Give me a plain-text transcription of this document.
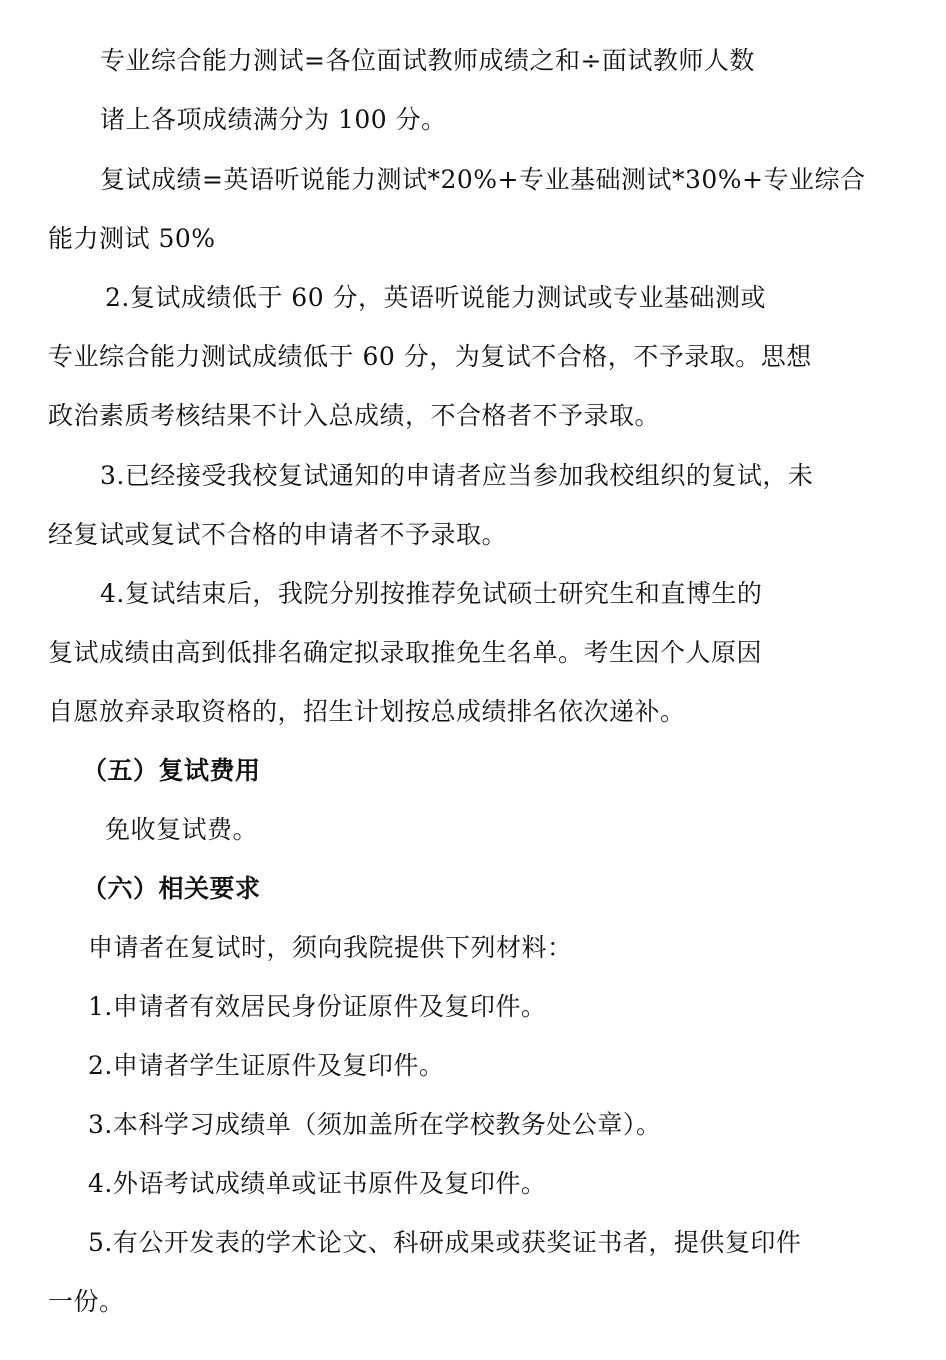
专业综合能力测试=各位面试教师成绩之和÷面试教师人数
诸上各项成绩满分为 100 分。
复试成绩=英语听说能力测试*20%+专业基础测试*30%+专业综合
能力测试 50%
2.复试成绩低于 60 分，英语听说能力测试或专业基础测或
专业综合能力测试成绩低于 60 分，为复试不合格，不予录取。思想
政治素质考核结果不计入总成绩，不合格者不予录取。
3.已经接受我校复试通知的申请者应当参加我校组织的复试，未
经复试或复试不合格的申请者不予录取。
4.复试结束后，我院分别按推荐免试硕士研究生和直博生的
复试成绩由高到低排名确定拟录取推免生名单。考生因个人原因
自愿放弃录取资格的，招生计划按总成绩排名依次递补。
（五）复试费用
免收复试费。
（六）相关要求
申请者在复试时，须向我院提供下列材料：
1.申请者有效居民身份证原件及复印件。
2.申请者学生证原件及复印件。
3.本科学习成绩单（须加盖所在学校教务处公章）。
4.外语考试成绩单或证书原件及复印件。
5.有公开发表的学术论文、科研成果或获奖证书者，提供复印件
一份。
